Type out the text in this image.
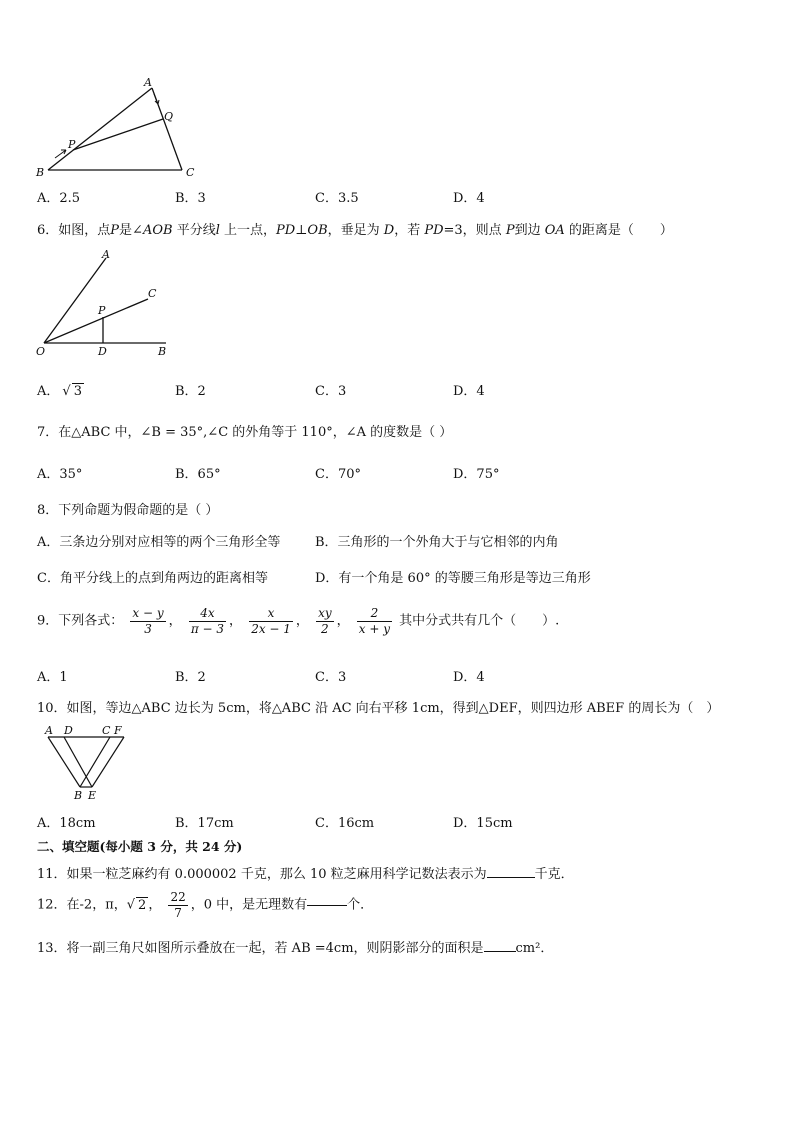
A
Q
P
B	C
A．2.5	B．3	C．3.5	D．4
6．如图，点P是∠AOB 平分线l 上一点，PD⊥OB，垂足为 D，若 PD=3，则点 P到边 OA 的距离是（　　）
A
C
P
O	D	B
A． √ 3	B．2	C．3	D．4
7．在△ABC 中，∠B = 35°,∠C 的外角等于 110°，∠A 的度数是（ ）
A．35°	B．65°	C．70°	D．75°
8．下列命题为假命题的是（ ）
A．三条边分别对应相等的两个三角形全等	B．三角形的一个外角大于与它相邻的内角
C．角平分线上的点到角两边的距离相等	D．有一个角是 60° 的等腰三角形是等边三角形
9．下列各式： $\frac{x - y}{3}$ ， $\frac{4x}{\pi - 3}$ ， $\frac{x}{2x - 1}$ ， $\frac{xy}{2}$ ， $\frac{2}{x + y}$ 其中分式共有几个（　　）.
A．1	B．2	C．3	D．4
10．如图，等边△ABC 边长为 5cm，将△ABC 沿 AC 向右平移 1cm，得到△DEF，则四边形 ABEF 的周长为（　）
A D	C F
B E
A．18cm	B．17cm	C．16cm	D．15cm
二、填空题(每小题 3 分，共 24 分)
11．如果一粒芝麻约有 0.000002 千克，那么 10 粒芝麻用科学记数法表示为	千克．
12．在-2，π，√ 2 ， $\frac{22}{7}$ ，0 中，是无理数有	个．
13．将一副三角尺如图所示叠放在一起，若 AB =4cm，则阴影部分的面积是 cm²．
